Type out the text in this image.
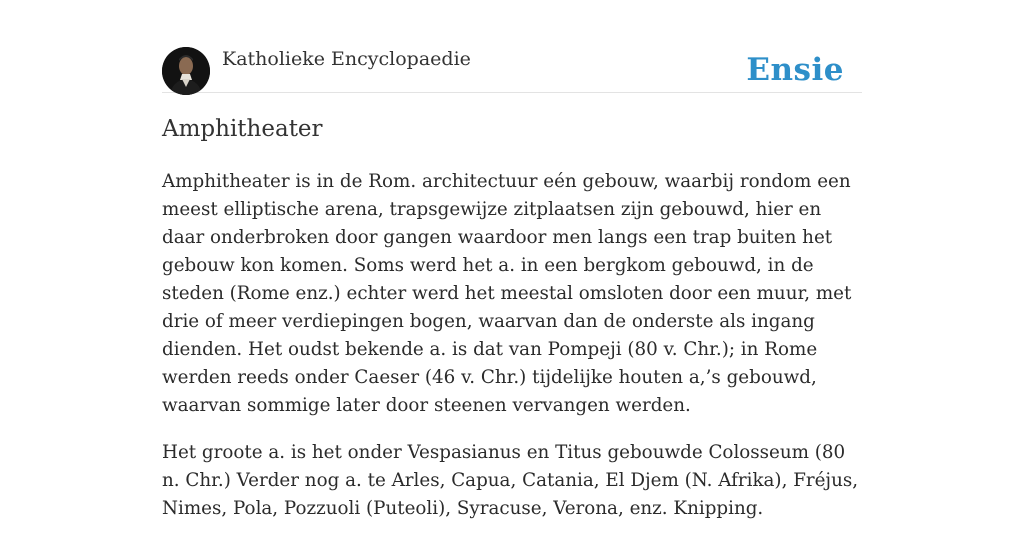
Katholieke Encyclopaedie	Ensie
Amphitheater

Amphitheater is in de Rom. architectuur eén gebouw, waarbij rondom een meest elliptische arena, trapsgewijze zitplaatsen zijn gebouwd, hier en daar onderbroken door gangen waardoor men langs een trap buiten het gebouw kon komen. Soms werd het a. in een bergkom gebouwd, in de steden (Rome enz.) echter werd het meestal omsloten door een muur, met drie of meer verdiepingen bogen, waarvan dan de onderste als ingang dienden. Het oudst bekende a. is dat van Pompeji (80 v. Chr.); in Rome werden reeds onder Caeser (46 v. Chr.) tijdelijke houten a,’s gebouwd, waarvan sommige later door steenen vervangen werden.

Het groote a. is het onder Vespasianus en Titus gebouwde Colosseum (80 n. Chr.) Verder nog a. te Arles, Capua, Catania, El Djem (N. Afrika), Fréjus, Nimes, Pola, Pozzuoli (Puteoli), Syracuse, Verona, enz. Knipping.
